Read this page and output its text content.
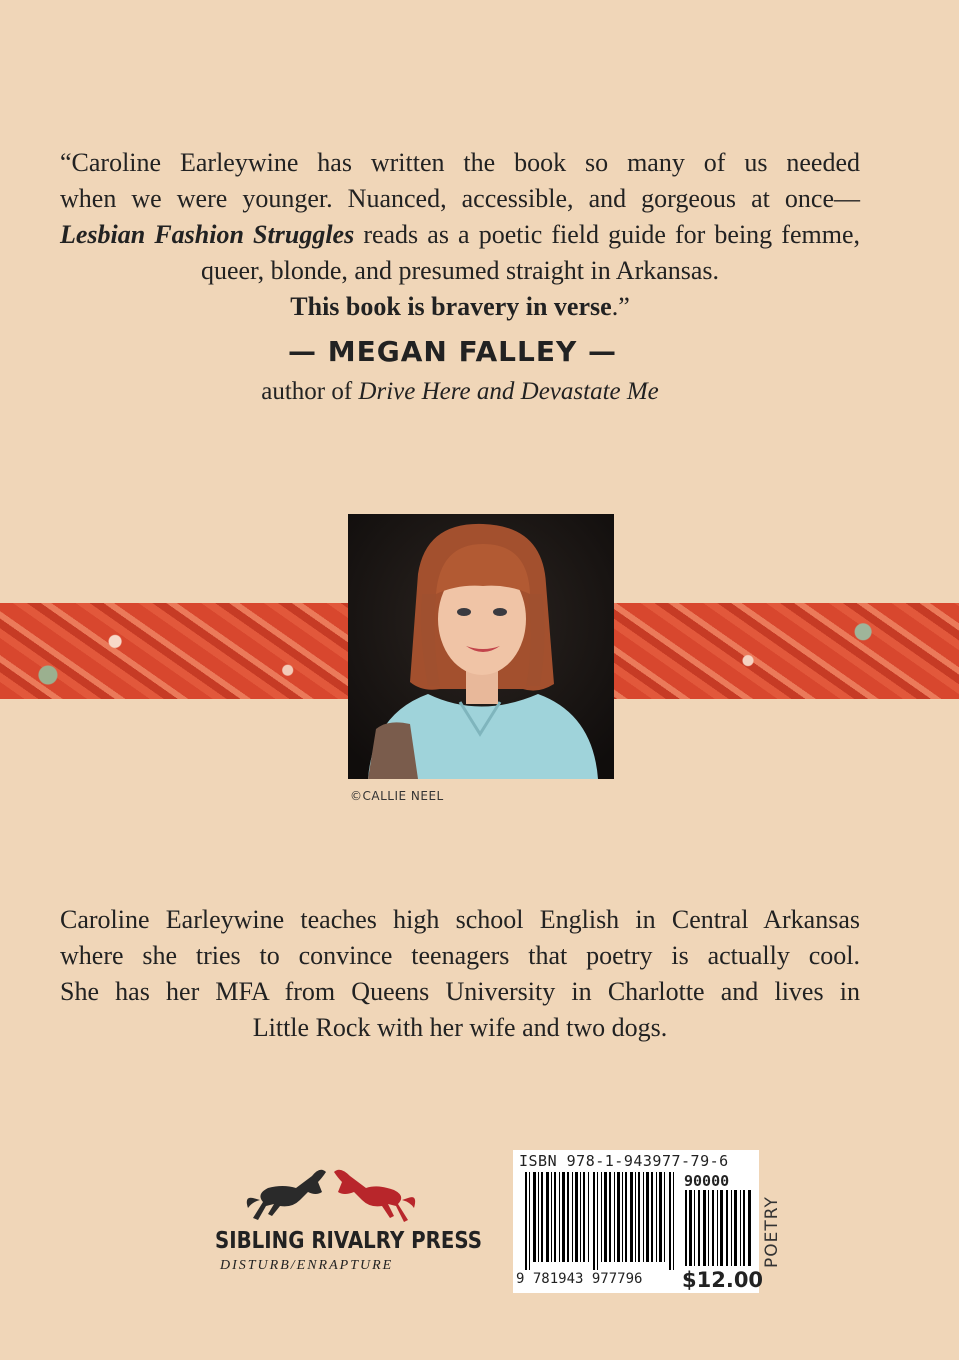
“Caroline Earleywine has written the book so many of us needed
when we were younger. Nuanced, accessible, and gorgeous at once—
Lesbian Fashion Struggles reads as a poetic field guide for being femme,
queer, blonde, and presumed straight in Arkansas.
This book is bravery in verse.”
— MEGAN FALLEY —
author of Drive Here and Devastate Me
©CALLIE NEEL
Caroline Earleywine teaches high school English in Central Arkansas
where she tries to convince teenagers that poetry is actually cool.
She has her MFA from Queens University in Charlotte and lives in
Little Rock with her wife and two dogs.
SIBLING RIVALRY PRESS
DISTURB/ENRAPTURE
ISBN 978-1-943977-79-6
90000
9 781943 977796 $12.00
POETRY
